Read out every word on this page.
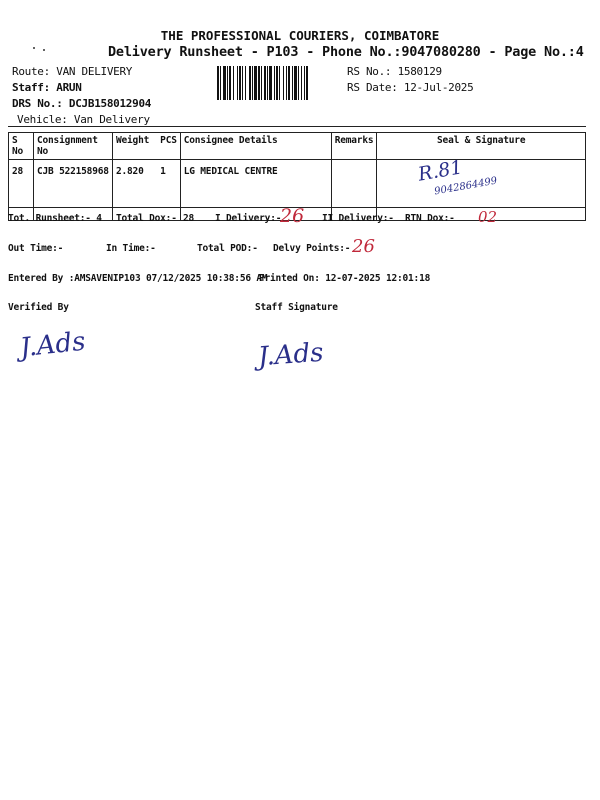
THE PROFESSIONAL COURIERS, COIMBATORE
Delivery Runsheet - P103 - Phone No.:9047080280 - Page No.:4
Route: VAN DELIVERY
Staff: ARUN
DRS No.: DCJB158012904
Vehicle: Van Delivery
RS No.: 1580129
RS Date: 12-Jul-2025
S No	Consignment No	Weight PCS	Consignee Details	Remarks	Seal & Signature
28	CJB 522158968	2.820 1	LG MEDICAL CENTRE			R.81
9042864499
Tot. Runsheet:- 4 Total Dox:- 28 I Delivery:-
26 II Delivery:- RTN Dox:- 02
Out Time:-	In Time:-	Total POD:- Delvy Points:- 26
Entered By :AMSAVENIP103 07/12/2025 10:38:56 AM
Printed On: 12-07-2025 12:01:18
Verified By	Staff Signature
J.Ads	J.Ads
